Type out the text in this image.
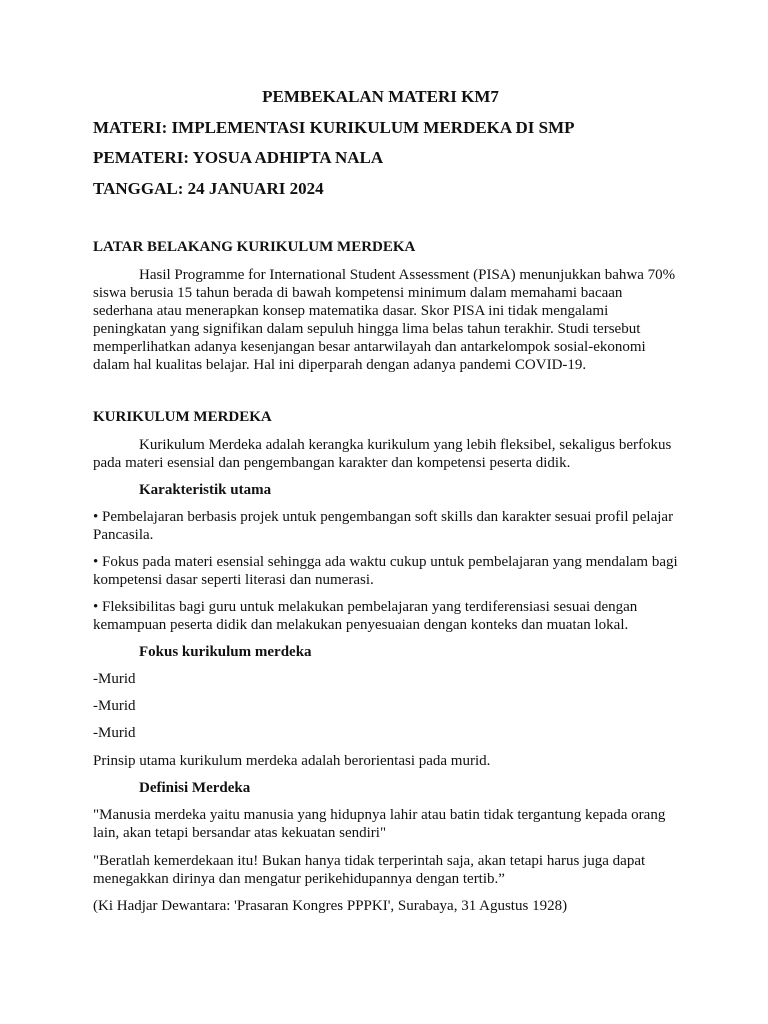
PEMBEKALAN MATERI KM7
MATERI: IMPLEMENTASI KURIKULUM MERDEKA DI SMP
PEMATERI: YOSUA ADHIPTA NALA
TANGGAL: 24 JANUARI 2024
LATAR BELAKANG KURIKULUM MERDEKA
Hasil Programme for International Student Assessment (PISA) menunjukkan bahwa 70% siswa berusia 15 tahun berada di bawah kompetensi minimum dalam memahami bacaan sederhana atau menerapkan konsep matematika dasar. Skor PISA ini tidak mengalami peningkatan yang signifikan dalam sepuluh hingga lima belas tahun terakhir. Studi tersebut memperlihatkan adanya kesenjangan besar antarwilayah dan antarkelompok sosial-ekonomi dalam hal kualitas belajar. Hal ini diperparah dengan adanya pandemi COVID-19.
KURIKULUM MERDEKA
Kurikulum Merdeka adalah kerangka kurikulum yang lebih fleksibel, sekaligus berfokus pada materi esensial dan pengembangan karakter dan kompetensi peserta didik.
Karakteristik utama
• Pembelajaran berbasis projek untuk pengembangan soft skills dan karakter sesuai profil pelajar Pancasila.
• Fokus pada materi esensial sehingga ada waktu cukup untuk pembelajaran yang mendalam bagi kompetensi dasar seperti literasi dan numerasi.
• Fleksibilitas bagi guru untuk melakukan pembelajaran yang terdiferensiasi sesuai dengan kemampuan peserta didik dan melakukan penyesuaian dengan konteks dan muatan lokal.
Fokus kurikulum merdeka
-Murid
-Murid
-Murid
Prinsip utama kurikulum merdeka adalah berorientasi pada murid.
Definisi Merdeka
"Manusia merdeka yaitu manusia yang hidupnya lahir atau batin tidak tergantung kepada orang lain, akan tetapi bersandar atas kekuatan sendiri"
"Beratlah kemerdekaan itu! Bukan hanya tidak terperintah saja, akan tetapi harus juga dapat menegakkan dirinya dan mengatur perikehidupannya dengan tertib.”
(Ki Hadjar Dewantara: 'Prasaran Kongres PPPKI', Surabaya, 31 Agustus 1928)
